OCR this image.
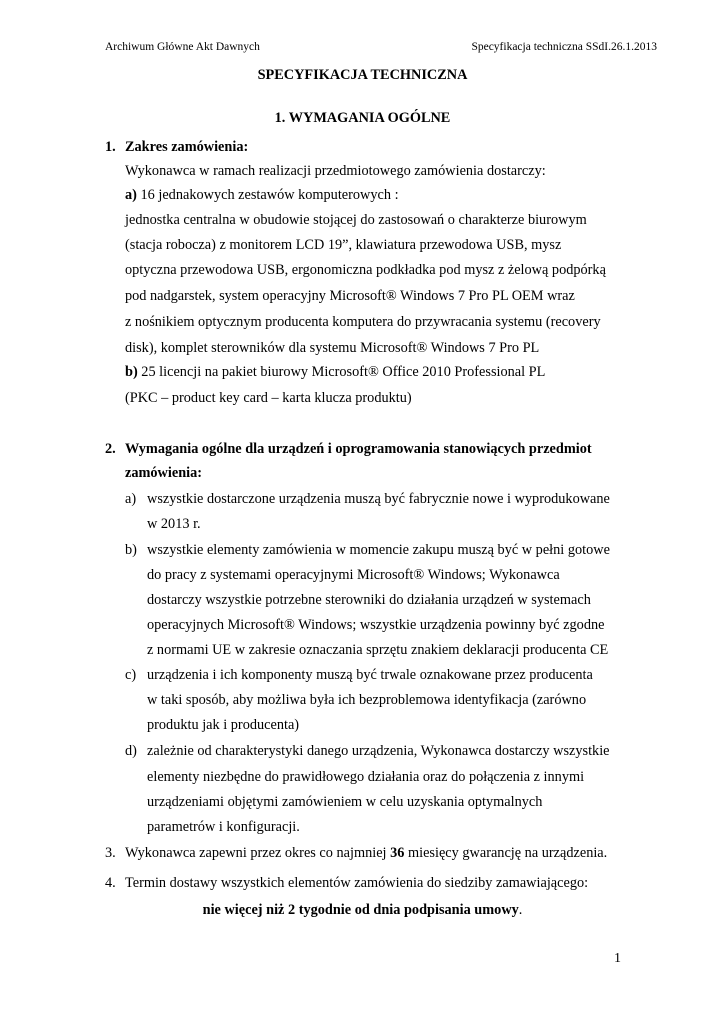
Archiwum Główne Akt Dawnych	Specyfikacja techniczna SSdI.26.1.2013
SPECYFIKACJA TECHNICZNA
1. WYMAGANIA OGÓLNE
1. Zakres zamówienia:
Wykonawca w ramach realizacji przedmiotowego zamówienia dostarczy:
a) 16 jednakowych zestawów komputerowych :
jednostka centralna w obudowie stojącej do zastosowań o charakterze biurowym
(stacja robocza) z monitorem LCD 19”, klawiatura przewodowa USB, mysz
optyczna przewodowa USB, ergonomiczna podkładka pod mysz z żelową podpórką
pod nadgarstek, system operacyjny Microsoft® Windows 7 Pro PL OEM wraz
z nośnikiem optycznym producenta komputera do przywracania systemu (recovery
disk), komplet sterowników dla systemu Microsoft® Windows 7 Pro PL
b) 25 licencji na pakiet biurowy Microsoft® Office 2010 Professional PL
(PKC – product key card – karta klucza produktu)
2. Wymagania ogólne dla urządzeń i oprogramowania stanowiących przedmiot
zamówienia:
a) wszystkie dostarczone urządzenia muszą być fabrycznie nowe i wyprodukowane
w 2013 r.
b) wszystkie elementy zamówienia w momencie zakupu muszą być w pełni gotowe
do pracy z systemami operacyjnymi Microsoft® Windows; Wykonawca
dostarczy wszystkie potrzebne sterowniki do działania urządzeń w systemach
operacyjnych Microsoft® Windows; wszystkie urządzenia powinny być zgodne
z normami UE w zakresie oznaczania sprzętu znakiem deklaracji producenta CE
c) urządzenia i ich komponenty muszą być trwale oznakowane przez producenta
w taki sposób, aby możliwa była ich bezproblemowa identyfikacja (zarówno
produktu jak i producenta)
d) zależnie od charakterystyki danego urządzenia, Wykonawca dostarczy wszystkie
elementy niezbędne do prawidłowego działania oraz do połączenia z innymi
urządzeniami objętymi zamówieniem w celu uzyskania optymalnych
parametrów i konfiguracji.
3. Wykonawca zapewni przez okres co najmniej 36 miesięcy gwarancję na urządzenia.
4. Termin dostawy wszystkich elementów zamówienia do siedziby zamawiającego:
nie więcej niż 2 tygodnie od dnia podpisania umowy.
1
